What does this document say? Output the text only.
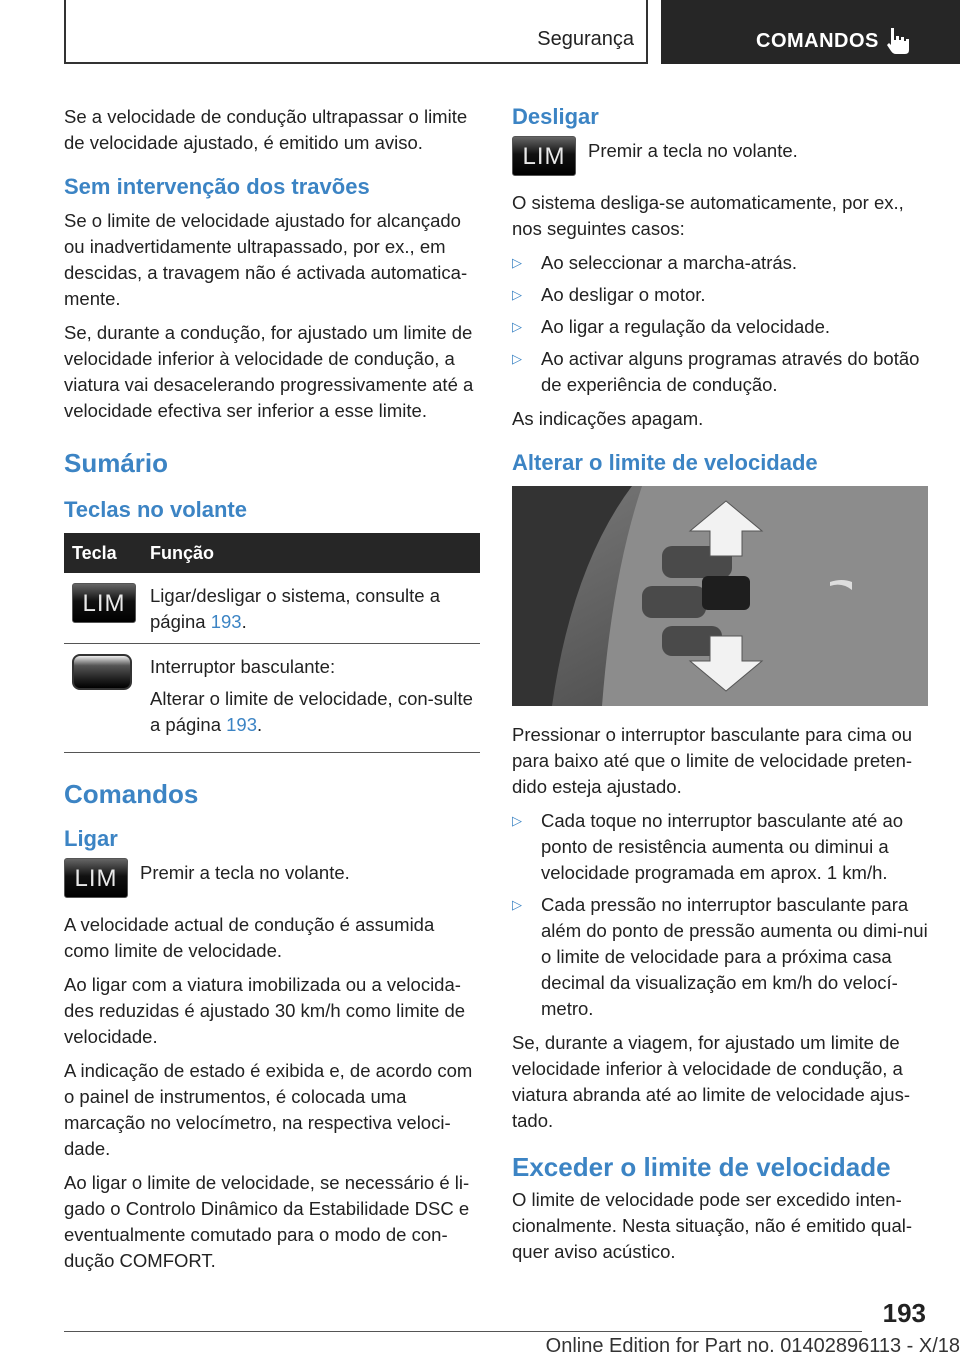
Segurança	COMANDOS

Se a velocidade de condução ultrapassar o limite de velocidade ajustado, é emitido um aviso.

Sem intervenção dos travões

Se o limite de velocidade ajustado for alcançado ou inadvertidamente ultrapassado, por ex., em descidas, a travagem não é activada automatica-mente.

Se, durante a condução, for ajustado um limite de velocidade inferior à velocidade de condução, a viatura vai desacelerando progressivamente até a velocidade efectiva ser inferior a esse limite.

Sumário
Teclas no volante
Tecla	Função
LIM	Ligar/desligar o sistema, consulte a página 193.

	Interruptor basculante:

Alterar o limite de velocidade, con-sulte a página 193.

Comandos
Ligar
LIM	Premir a tecla no volante.

A velocidade actual de condução é assumida como limite de velocidade.

Ao ligar com a viatura imobilizada ou a velocida-des reduzidas é ajustado 30 km/h como limite de velocidade.

A indicação de estado é exibida e, de acordo com o painel de instrumentos, é colocada uma marcação no velocímetro, na respectiva veloci-dade.

Ao ligar o limite de velocidade, se necessário é li-gado o Controlo Dinâmico da Estabilidade DSC e eventualmente comutado para o modo de con-dução COMFORT.

Desligar
LIM	Premir a tecla no volante.

O sistema desliga-se automaticamente, por ex., nos seguintes casos:

▷ Ao seleccionar a marcha-atrás.
▷ Ao desligar o motor.
▷ Ao ligar a regulação da velocidade.
▷ Ao activar alguns programas através do botão de experiência de condução.

As indicações apagam.

Alterar o limite de velocidade

Pressionar o interruptor basculante para cima ou para baixo até que o limite de velocidade preten-dido esteja ajustado.

▷ Cada toque no interruptor basculante até ao ponto de resistência aumenta ou diminui a velocidade programada em aprox. 1 km/h.
▷ Cada pressão no interruptor basculante para além do ponto de pressão aumenta ou dimi-nui o limite de velocidade para a próxima casa decimal da visualização em km/h do velocí-metro.

Se, durante a viagem, for ajustado um limite de velocidade inferior à velocidade de condução, a viatura abranda até ao limite de velocidade ajus-tado.

Exceder o limite de velocidade

O limite de velocidade pode ser excedido inten-cionalmente. Nesta situação, não é emitido qual-quer aviso acústico.

193
Online Edition for Part no. 01402896113 - X/18
